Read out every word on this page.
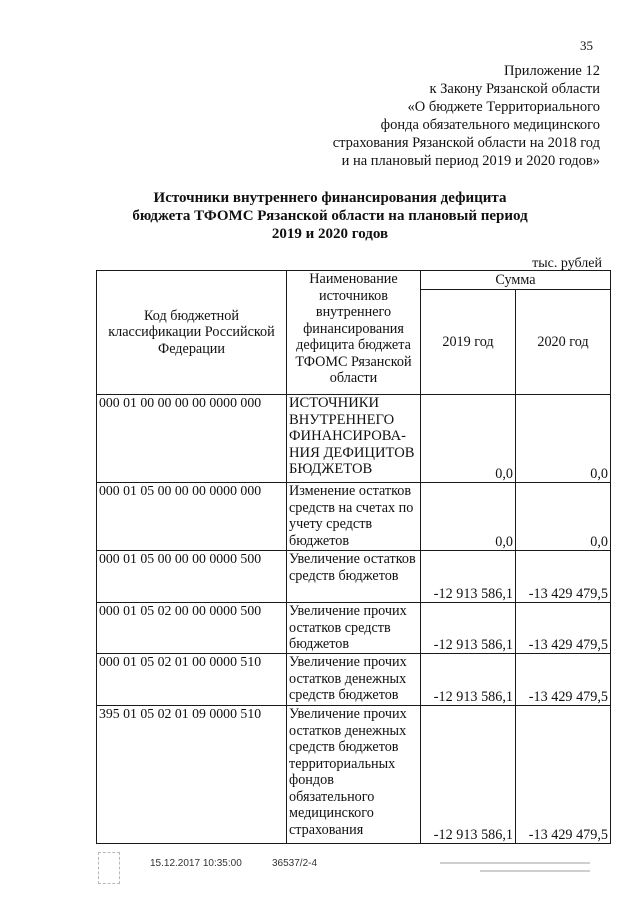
35
Приложение 12
к Закону Рязанской области
«О бюджете Территориального
фонда обязательного медицинского
страхования Рязанской области на 2018 год
и на плановый период 2019 и 2020 годов»
Источники внутреннего финансирования дефицита
бюджета ТФОМС Рязанской области на плановый период
2019 и 2020 годов
тыс. рублей
Код бюджетной классификации Российской Федерации	Наименование источников внутреннего финансирования дефицита бюджета ТФОМС Рязанской области	Сумма	
		2019 год	2020 год
000 01 00 00 00 00 0000 000	ИСТОЧНИКИ ВНУТРЕННЕГО ФИНАНСИРОВА-НИЯ ДЕФИЦИТОВ БЮДЖЕТОВ	0,0	0,0
000 01 05 00 00 00 0000 000	Изменение остатков средств на счетах по учету средств бюджетов	0,0	0,0
000 01 05 00 00 00 0000 500	Увеличение остатков средств бюджетов	-12 913 586,1	-13 429 479,5
000 01 05 02 00 00 0000 500	Увеличение прочих остатков средств бюджетов	-12 913 586,1	-13 429 479,5
000 01 05 02 01 00 0000 510	Увеличение прочих остатков денежных средств бюджетов	-12 913 586,1	-13 429 479,5
395 01 05 02 01 09 0000 510	Увеличение прочих остатков денежных средств бюджетов территориальных фондов обязательного медицинского страхования	-12 913 586,1	-13 429 479,5
15.12.2017 10:35:00	36537/2-4
